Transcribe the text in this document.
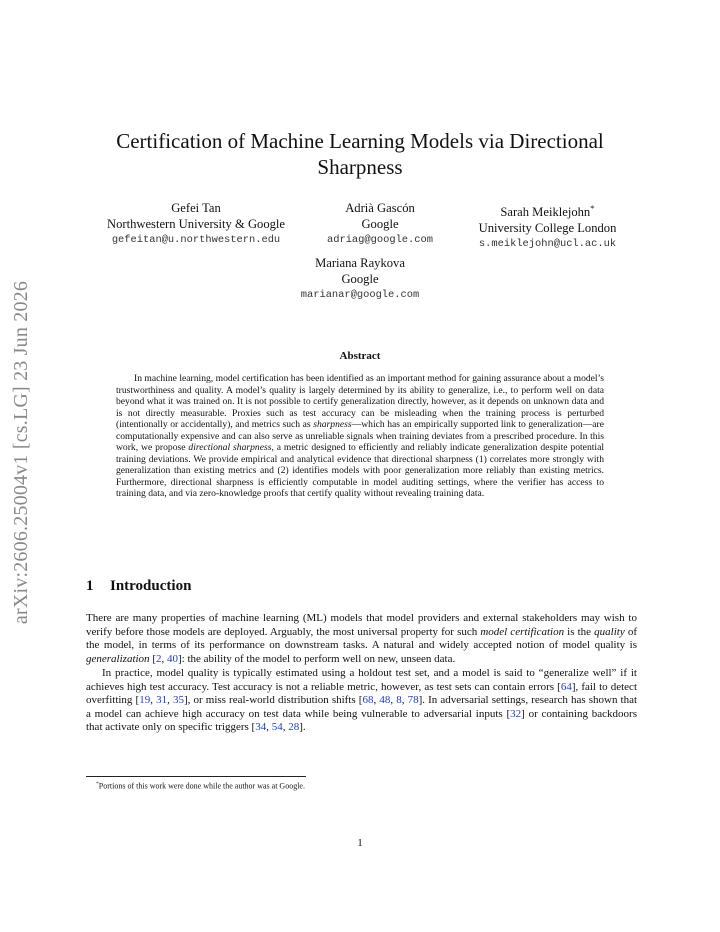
arXiv:2606.25004v1 [cs.LG] 23 Jun 2026
Certification of Machine Learning Models via Directional
Sharpness
Gefei Tan
Northwestern University & Google
gefeitan@u.northwestern.edu
Adrià Gascón
Google
adriag@google.com
Sarah Meiklejohn*
University College London
s.meiklejohn@ucl.ac.uk
Mariana Raykova
Google
marianar@google.com
Abstract

In machine learning, model certification has been identified as an important method for gaining assurance about a model’s trustworthiness and quality. A model’s quality is largely determined by its ability to generalize, i.e., to perform well on data beyond what it was trained on. It is not possible to certify generalization directly, however, as it depends on unknown data and is not directly measurable. Proxies such as test accuracy can be misleading when the training process is perturbed (intentionally or accidentally), and metrics such as sharpness—which has an empirically supported link to generalization—are computationally expensive and can also serve as unreliable signals when training deviates from a prescribed procedure. In this work, we propose directional sharpness, a metric designed to efficiently and reliably indicate generalization despite potential training deviations. We provide empirical and analytical evidence that directional sharpness (1) correlates more strongly with generalization than existing metrics and (2) identifies models with poor generalization more reliably than existing metrics. Furthermore, directional sharpness is efficiently computable in model auditing settings, where the verifier has access to training data, and via zero-knowledge proofs that certify quality without revealing training data.

1 Introduction

There are many properties of machine learning (ML) models that model providers and external stakeholders may wish to verify before those models are deployed. Arguably, the most universal property for such model certification is the quality of the model, in terms of its performance on downstream tasks. A natural and widely accepted notion of model quality is generalization [2, 40]: the ability of the model to perform well on new, unseen data.

In practice, model quality is typically estimated using a holdout test set, and a model is said to “generalize well” if it achieves high test accuracy. Test accuracy is not a reliable metric, however, as test sets can contain errors [64], fail to detect overfitting [19, 31, 35], or miss real-world distribution shifts [68, 48, 8, 78]. In adversarial settings, research has shown that a model can achieve high accuracy on test data while being vulnerable to adversarial inputs [32] or containing backdoors that activate only on specific triggers [34, 54, 28].

*Portions of this work were done while the author was at Google.
1
